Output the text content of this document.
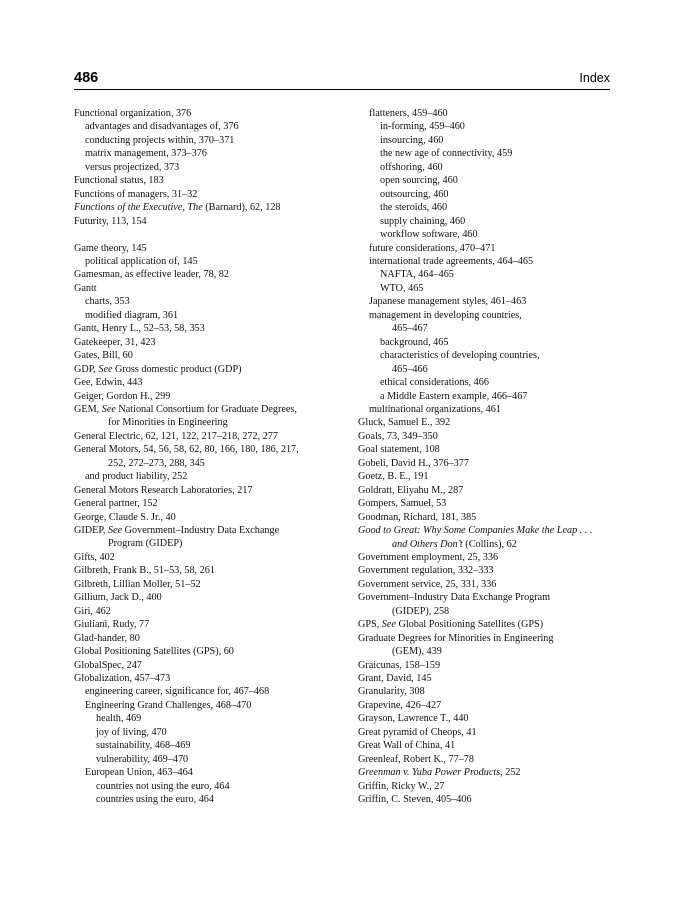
486	Index

Functional organization, 376

advantages and disadvantages of, 376

conducting projects within, 370–371

matrix management, 373–376

versus projectized, 373

Functional status, 183

Functions of managers, 31–32

Functions of the Executive, The (Barnard), 62, 128

Futurity, 113, 154

Game theory, 145

political application of, 145

Gamesman, as effective leader, 78, 82

Gantt

charts, 353

modified diagram, 361

Gantt, Henry L., 52–53, 58, 353

Gatekeeper, 31, 423

Gates, Bill, 60

GDP, See Gross domestic product (GDP)

Gee, Edwin, 443

Geiger, Gordon H., 299

GEM, See National Consortium for Graduate Degrees,

for Minorities in Engineering

General Electric, 62, 121, 122, 217–218, 272, 277

General Motors, 54, 56, 58, 62, 80, 166, 180, 186, 217,

252, 272–273, 288, 345

and product liability, 252

General Motors Research Laboratories, 217

General partner, 152

George, Claude S. Jr., 40

GIDEP, See Government–Industry Data Exchange

Program (GIDEP)

Gifts, 402

Gilbreth, Frank B., 51–53, 58, 261

Gilbreth, Lillian Moller, 51–52

Gillium, Jack D., 400

Giri, 462

Giuliani, Rudy, 77

Glad-hander, 80

Global Positioning Satellites (GPS), 60

GlobalSpec, 247

Globalization, 457–473

engineering career, significance for, 467–468

Engineering Grand Challenges, 468–470

health, 469

joy of living, 470

sustainability, 468–469

vulnerability, 469–470

European Union, 463–464

countries not using the euro, 464

countries using the euro, 464

flatteners, 459–460

in-forming, 459–460

insourcing, 460

the new age of connectivity, 459

offshoring, 460

open sourcing, 460

outsourcing, 460

the steroids, 460

supply chaining, 460

workflow software, 460

future considerations, 470–471

international trade agreements, 464–465

NAFTA, 464–465

WTO, 465

Japanese management styles, 461–463

management in developing countries,

465–467

background, 465

characteristics of developing countries,

465–466

ethical considerations, 466

a Middle Eastern example, 466–467

multinational organizations, 461

Gluck, Samuel E., 392

Goals, 73, 349–350

Goal statement, 108

Gobeli, David H., 376–377

Goetz, B. E., 191

Goldratt, Eliyahu M., 287

Gompers, Samuel, 53

Goodman, Richard, 181, 385

Good to Great: Why Some Companies Make the Leap . . .

and Others Don’t (Collins), 62

Government employment, 25, 336

Government regulation, 332–333

Government service, 25, 331, 336

Government–Industry Data Exchange Program

(GIDEP), 258

GPS, See Global Positioning Satellites (GPS)

Graduate Degrees for Minorities in Engineering

(GEM), 439

Graicunas, 158–159

Grant, David, 145

Granularity, 308

Grapevine, 426–427

Grayson, Lawrence T., 440

Great pyramid of Cheops, 41

Great Wall of China, 41

Greenleaf, Robert K., 77–78

Greenman v. Yuba Power Products, 252

Griffin, Ricky W., 27

Griffin, C. Steven, 405–406
